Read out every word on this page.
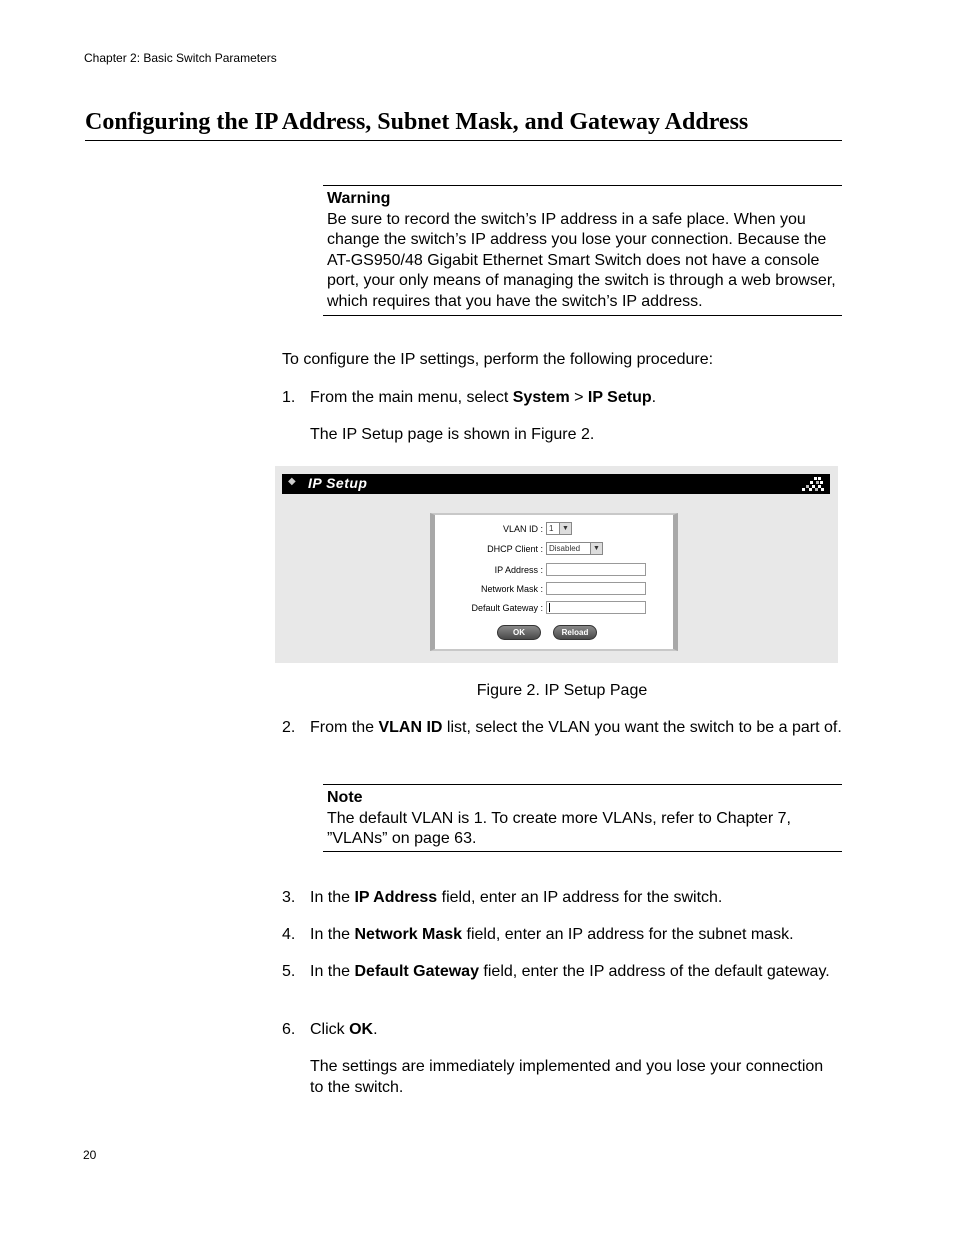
Chapter 2: Basic Switch Parameters
Configuring the IP Address, Subnet Mask, and Gateway Address
Warning
Be sure to record the switch’s IP address in a safe place. When you change the switch’s IP address you lose your connection. Because the AT-GS950/48 Gigabit Ethernet Smart Switch does not have a console port, your only means of managing the switch is through a web browser, which requires that you have the switch’s IP address.
To configure the IP settings, perform the following procedure:
1. From the main menu, select System > IP Setup.
The IP Setup page is shown in Figure 2.
◆ IP Setup
VLAN ID : 1	▼
DHCP Client : Disabled	▼
IP Address :
Network Mask :
Default Gateway :
OK	Reload
Figure 2. IP Setup Page
2. From the VLAN ID list, select the VLAN you want the switch to be a part of.
Note
The default VLAN is 1. To create more VLANs, refer to Chapter 7, ”VLANs” on page 63.
3. In the IP Address field, enter an IP address for the switch.
4. In the Network Mask field, enter an IP address for the subnet mask.
5. In the Default Gateway field, enter the IP address of the default gateway.
6. Click OK.
The settings are immediately implemented and you lose your connection to the switch.
20
